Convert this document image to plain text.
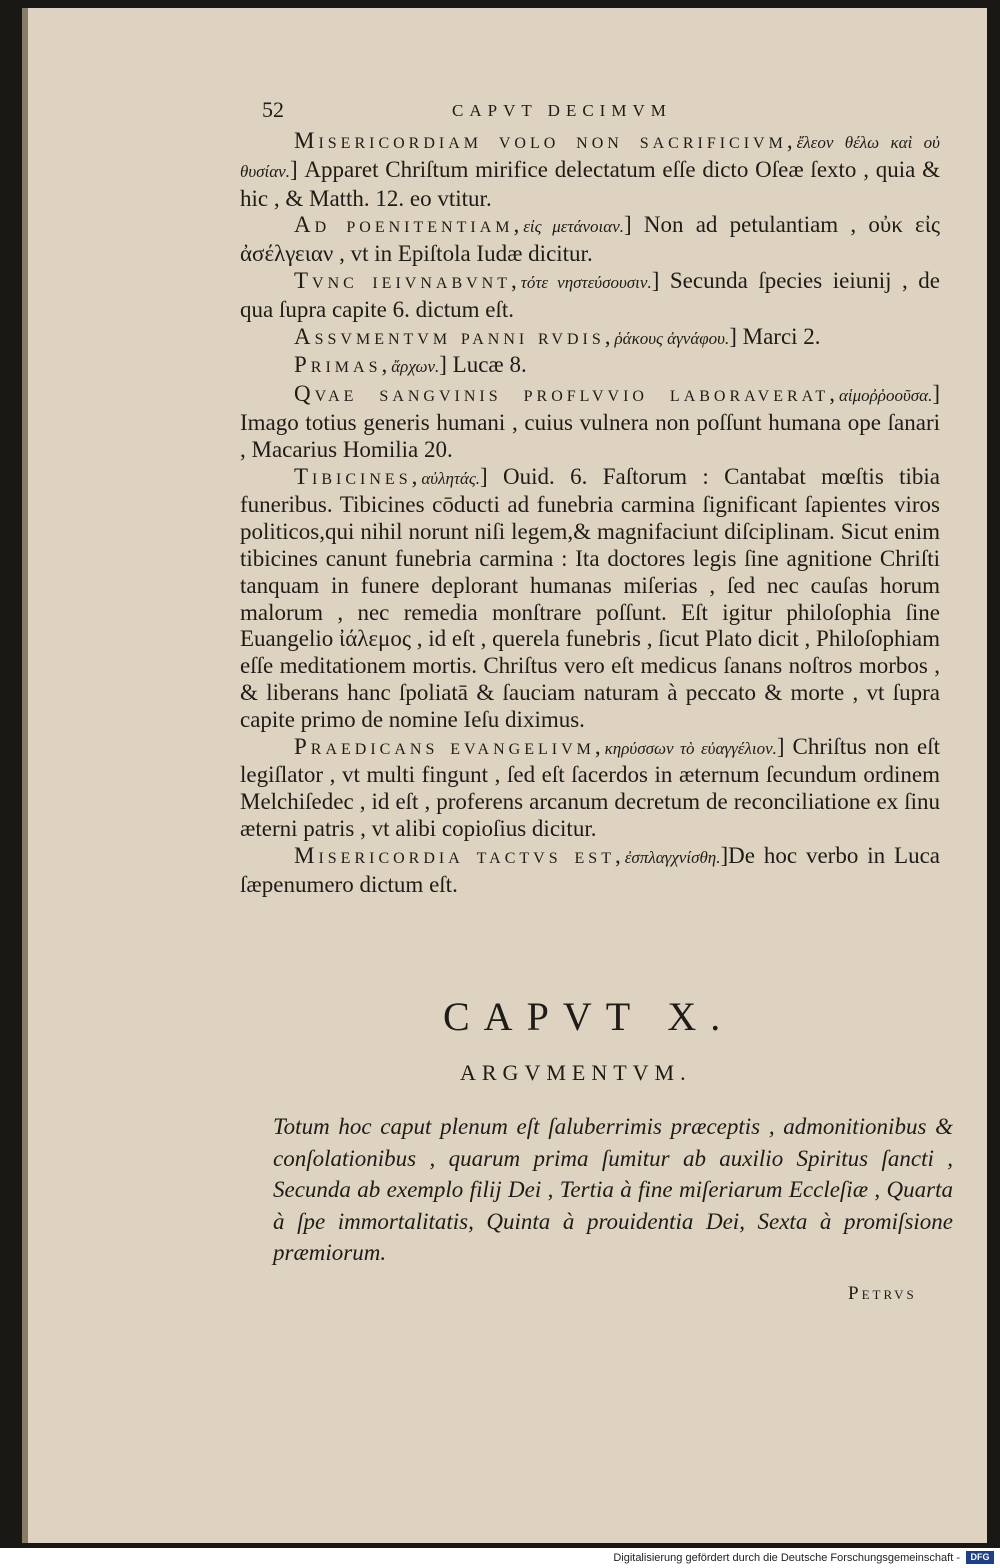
52	CAPVT DECIMVM

Misericordiam volo non sacrificivm,ἔλεον θέλω καὶ οὐ θυσίαν.] Apparet Chriſtum mirifice delectatum eſſe dicto Oſeæ ſexto , quia & hic , & Matth. 12. eo vtitur.

Ad poenitentiam,εἰς μετάνοιαν.] Non ad petulantiam , οὐκ εἰς ἀσέλγειαν , vt in Epiſtola Iudæ dicitur.

Tvnc ieivnabvnt,τότε νηστεύσουσιν.] Secunda ſpecies ieiunij , de qua ſupra capite 6. dictum eſt.

Assvmentvm panni rvdis,ῥάκους ἀγνάφου.] Marci 2.

Primas,ἄρχων.] Lucæ 8.

Qvae sangvinis proflvvio laboraverat,αἱμοῤῥοοῦσα.] Imago totius generis humani , cuius vulnera non poſſunt humana ope ſanari , Macarius Homilia 20.

Tibicines,αὐλητάς.] Ouid. 6. Faſtorum : Cantabat mœſtis tibia funeribus. Tibicines cōducti ad funebria carmina ſignificant ſapientes viros politicos,qui nihil norunt niſi legem,& magnifaciunt diſciplinam. Sicut enim tibicines canunt funebria carmina : Ita doctores legis ſine agnitione Chriſti tanquam in funere deplorant humanas miſerias , ſed nec cauſas horum malorum , nec remedia monſtrare poſſunt. Eſt igitur philoſophia ſine Euangelio ἰάλεμος , id eſt , querela funebris , ſicut Plato dicit , Philoſophiam eſſe meditationem mortis. Chriſtus vero eſt medicus ſanans noſtros morbos , & liberans hanc ſpoliatā & ſauciam naturam à peccato & morte , vt ſupra capite primo de nomine Ieſu diximus.

Praedicans evangelivm,κηρύσσων τὸ εὐαγγέλιον.] Chriſtus non eſt legiſlator , vt multi fingunt , ſed eſt ſacerdos in æternum ſecundum ordinem Melchiſedec , id eſt , proferens arcanum decretum de reconciliatione ex ſinu æterni patris , vt alibi copioſius dicitur.

Misericordia tactvs est,ἐσπλαγχνίσθη.]De hoc verbo in Luca ſæpenumero dictum eſt.

CAPVT X.
ARGVMENTVM.
Totum hoc caput plenum eſt ſaluberrimis præceptis , admonitionibus & conſolationibus , quarum prima ſumitur ab auxilio Spiritus ſancti , Secunda ab exemplo filij Dei , Tertia à fine miſeriarum Eccleſiæ , Quarta à ſpe immortalitatis, Quinta à prouidentia Dei, Sexta à promiſsione præmiorum.
Petrvs
Digitalisierung gefördert durch die Deutsche Forschungsgemeinschaft -	DFG
